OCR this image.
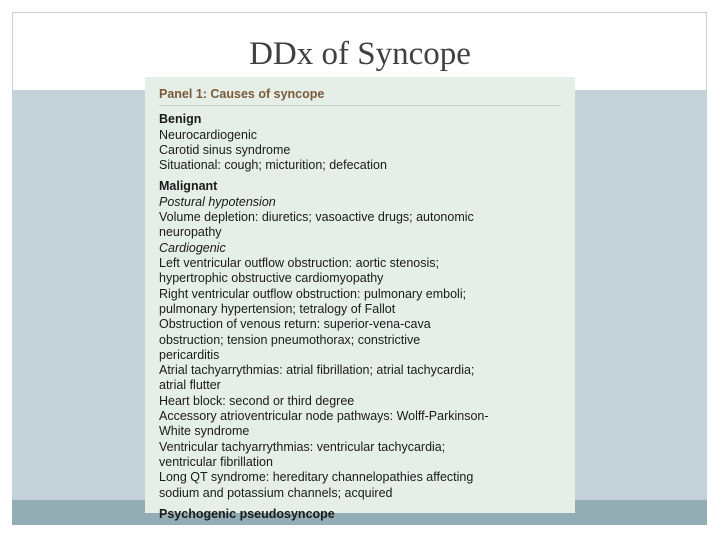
DDx of Syncope
Panel 1: Causes of syncope
Benign
Neurocardiogenic
Carotid sinus syndrome
Situational: cough; micturition; defecation
Malignant
Postural hypotension
Volume depletion: diuretics; vasoactive drugs; autonomic
neuropathy
Cardiogenic
Left ventricular outflow obstruction: aortic stenosis;
hypertrophic obstructive cardiomyopathy
Right ventricular outflow obstruction: pulmonary emboli;
pulmonary hypertension; tetralogy of Fallot
Obstruction of venous return: superior-vena-cava
obstruction; tension pneumothorax; constrictive
pericarditis
Atrial tachyarrythmias: atrial fibrillation; atrial tachycardia;
atrial flutter
Heart block: second or third degree
Accessory atrioventricular node pathways: Wolff-Parkinson-
White syndrome
Ventricular tachyarrythmias: ventricular tachycardia;
ventricular fibrillation
Long QT syndrome: hereditary channelopathies affecting
sodium and potassium channels; acquired
Psychogenic pseudosyncope
